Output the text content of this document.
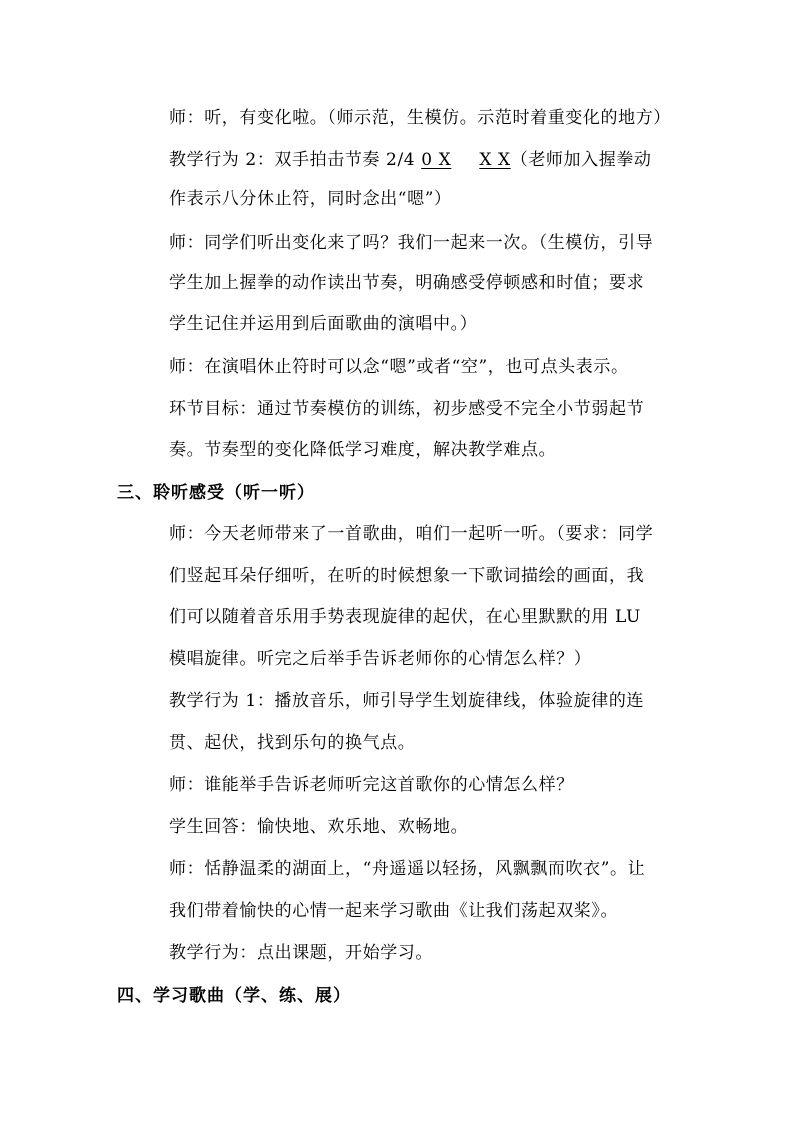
师：听，有变化啦。（师示范，生模仿。示范时着重变化的地方）
教学行为 2：双手拍击节奏 2/4 0 X X X（老师加入握拳动
作表示八分休止符，同时念出“嗯”）
师：同学们听出变化来了吗？我们一起来一次。（生模仿，引导
学生加上握拳的动作读出节奏，明确感受停顿感和时值；要求
学生记住并运用到后面歌曲的演唱中。）
师：在演唱休止符时可以念“嗯”或者“空”，也可点头表示。
环节目标：通过节奏模仿的训练，初步感受不完全小节弱起节
奏。节奏型的变化降低学习难度，解决教学难点。
三、聆听感受（听一听）
师：今天老师带来了一首歌曲，咱们一起听一听。（要求：同学
们竖起耳朵仔细听，在听的时候想象一下歌词描绘的画面，我
们可以随着音乐用手势表现旋律的起伏，在心里默默的用 LU
模唱旋律。听完之后举手告诉老师你的心情怎么样？）
教学行为 1：播放音乐，师引导学生划旋律线，体验旋律的连
贯、起伏，找到乐句的换气点。
师：谁能举手告诉老师听完这首歌你的心情怎么样？
学生回答：愉快地、欢乐地、欢畅地。
师：恬静温柔的湖面上，“舟遥遥以轻扬，风飘飘而吹衣”。让
我们带着愉快的心情一起来学习歌曲《让我们荡起双桨》。
教学行为：点出课题，开始学习。
四、学习歌曲（学、练、展）
